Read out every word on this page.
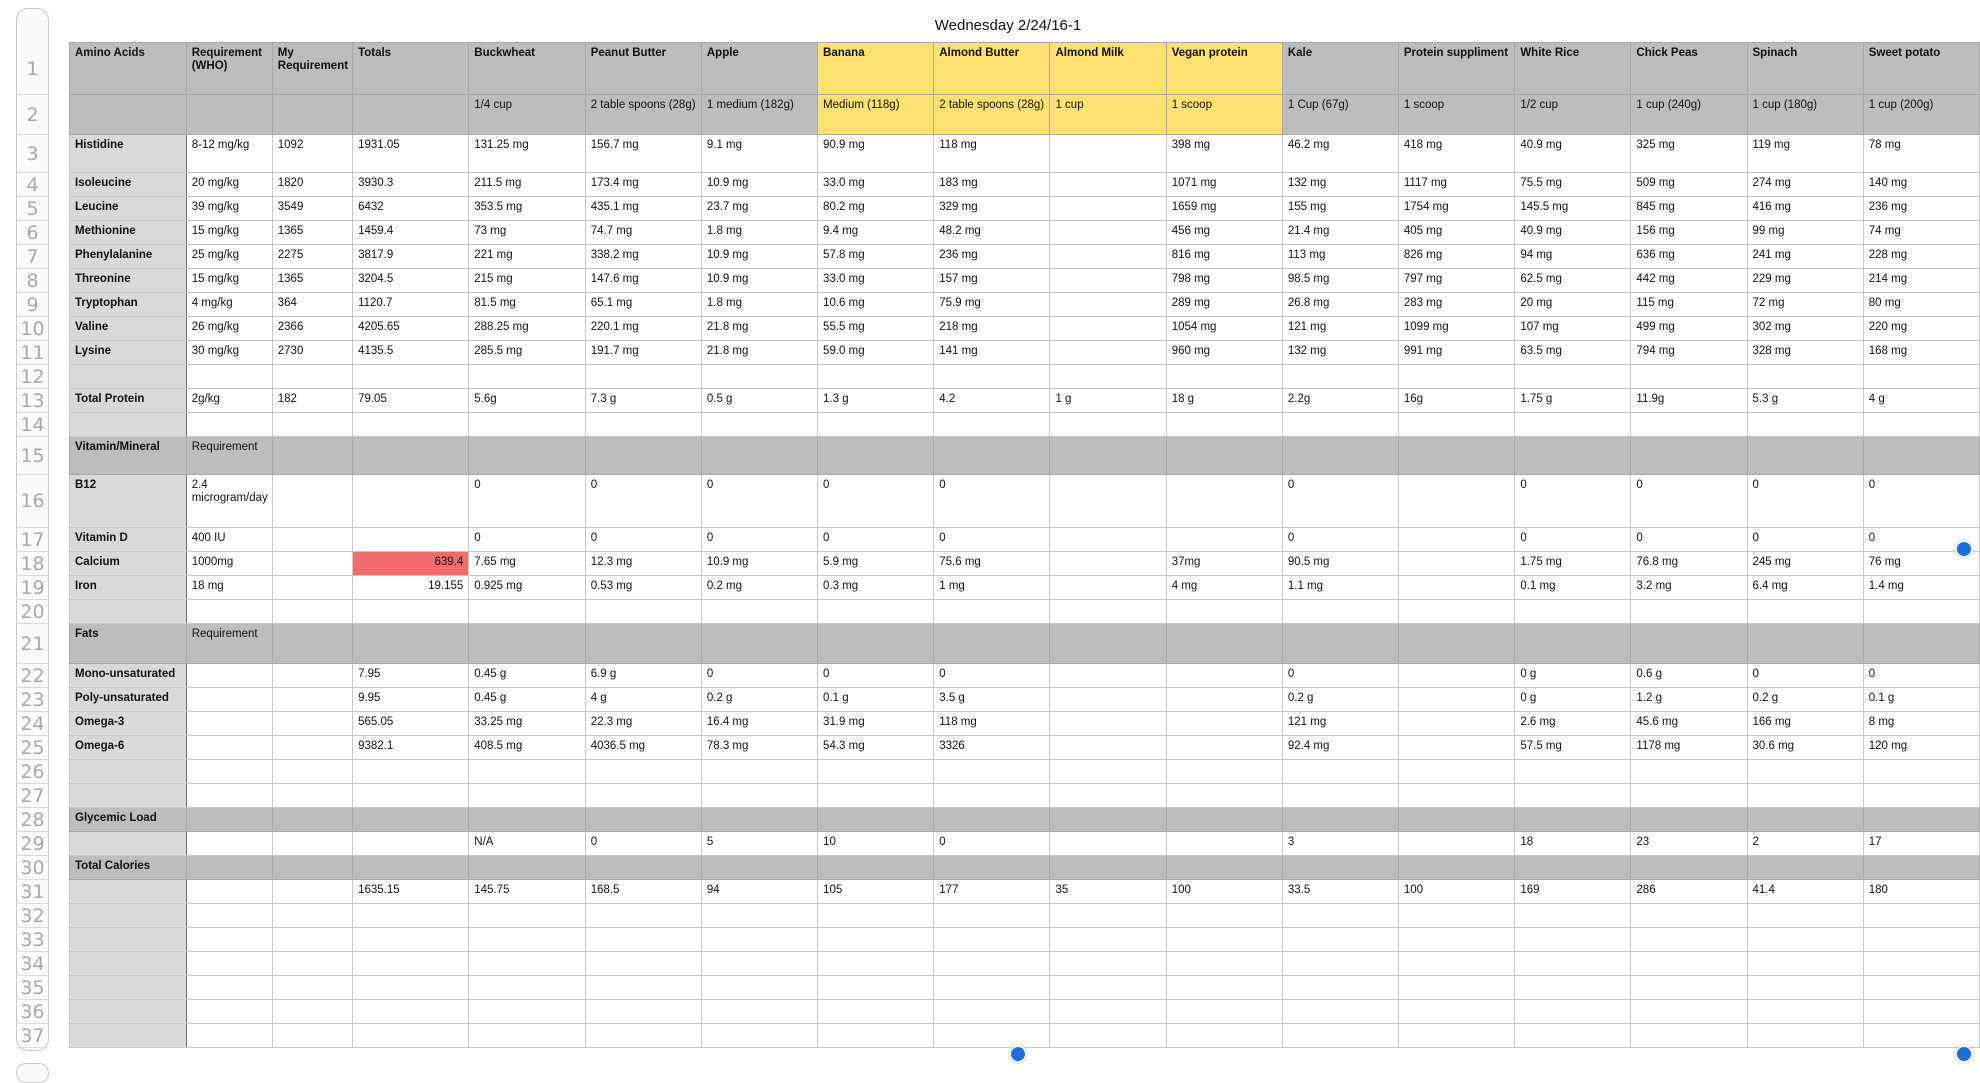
Wednesday 2/24/16-1
1
2
3
4
5
6
7
8
9
10
11
12
13
14
15
16
17
18
19
20
21
22
23
24
25
26
27
28
29
30
31
32
33
34
35
36
37
Amino Acids	Requirement (WHO)	My Requirement	Totals	Buckwheat	Peanut Butter	Apple	Banana	Almond Butter	Almond Milk	Vegan protein	Kale	Protein suppliment	White Rice	Chick Peas	Spinach	Sweet potato
				1/4 cup	2 table spoons (28g)	1 medium (182g)	Medium (118g)	2 table spoons (28g)	1 cup	1 scoop	1 Cup (67g)	1 scoop	1/2 cup	1 cup (240g)	1 cup (180g)	1 cup (200g)
Histidine	8-12 mg/kg	1092	1931.05	131.25 mg	156.7 mg	9.1 mg	90.9 mg	118 mg		398 mg	46.2 mg	418 mg	40.9 mg	325 mg	119 mg	78 mg
Isoleucine	20 mg/kg	1820	3930.3	211.5 mg	173.4 mg	10.9 mg	33.0 mg	183 mg		1071 mg	132 mg	1117 mg	75.5 mg	509 mg	274 mg	140 mg
Leucine	39 mg/kg	3549	6432	353.5 mg	435.1 mg	23.7 mg	80.2 mg	329 mg		1659 mg	155 mg	1754 mg	145.5 mg	845 mg	416 mg	236 mg
Methionine	15 mg/kg	1365	1459.4	73 mg	74.7 mg	1.8 mg	9.4 mg	48.2 mg		456 mg	21.4 mg	405 mg	40.9 mg	156 mg	99 mg	74 mg
Phenylalanine	25 mg/kg	2275	3817.9	221 mg	338.2 mg	10.9 mg	57.8 mg	236 mg		816 mg	113 mg	826 mg	94 mg	636 mg	241 mg	228 mg
Threonine	15 mg/kg	1365	3204.5	215 mg	147.6 mg	10.9 mg	33.0 mg	157 mg		798 mg	98.5 mg	797 mg	62.5 mg	442 mg	229 mg	214 mg
Tryptophan	4 mg/kg	364	1120.7	81.5 mg	65.1 mg	1.8 mg	10.6 mg	75.9 mg		289 mg	26.8 mg	283 mg	20 mg	115 mg	72 mg	80 mg
Valine	26 mg/kg	2366	4205.65	288.25 mg	220.1 mg	21.8 mg	55.5 mg	218 mg		1054 mg	121 mg	1099 mg	107 mg	499 mg	302 mg	220 mg
Lysine	30 mg/kg	2730	4135.5	285.5 mg	191.7 mg	21.8 mg	59.0 mg	141 mg		960 mg	132 mg	991 mg	63.5 mg	794 mg	328 mg	168 mg

Total Protein	2g/kg	182	79.05	5.6g	7.3 g	0.5 g	1.3 g	4.2	1 g	18 g	2.2g	16g	1.75 g	11.9g	5.3 g	4 g

Vitamin/Mineral	Requirement															
B12	2.4 microgram/day			0	0	0	0	0			0		0	0	0	0
Vitamin D	400 IU			0	0	0	0	0			0		0	0	0	0
Calcium	1000mg		639.4	7.65 mg	12.3 mg	10.9 mg	5.9 mg	75.6 mg		37mg	90.5 mg		1.75 mg	76.8 mg	245 mg	76 mg
Iron	18 mg		19.155	0.925 mg	0.53 mg	0.2 mg	0.3 mg	1 mg		4 mg	1.1 mg		0.1 mg	3.2 mg	6.4 mg	1.4 mg

Fats	Requirement															
Mono-unsaturated			7.95	0.45 g	6.9 g	0	0	0			0		0 g	0.6 g	0	0
Poly-unsaturated			9.95	0.45 g	4 g	0.2 g	0.1 g	3.5 g			0.2 g		0 g	1.2 g	0.2 g	0.1 g
Omega-3			565.05	33.25 mg	22.3 mg	16.4 mg	31.9 mg	118 mg			121 mg		2.6 mg	45.6 mg	166 mg	8 mg
Omega-6			9382.1	408.5 mg	4036.5 mg	78.3 mg	54.3 mg	3326			92.4 mg		57.5 mg	1178 mg	30.6 mg	120 mg

Glycemic Load																
				N/A	0	5	10	0			3		18	23	2	17
Total Calories																
			1635.15	145.75	168.5	94	105	177	35	100	33.5	100	169	286	41.4	180
